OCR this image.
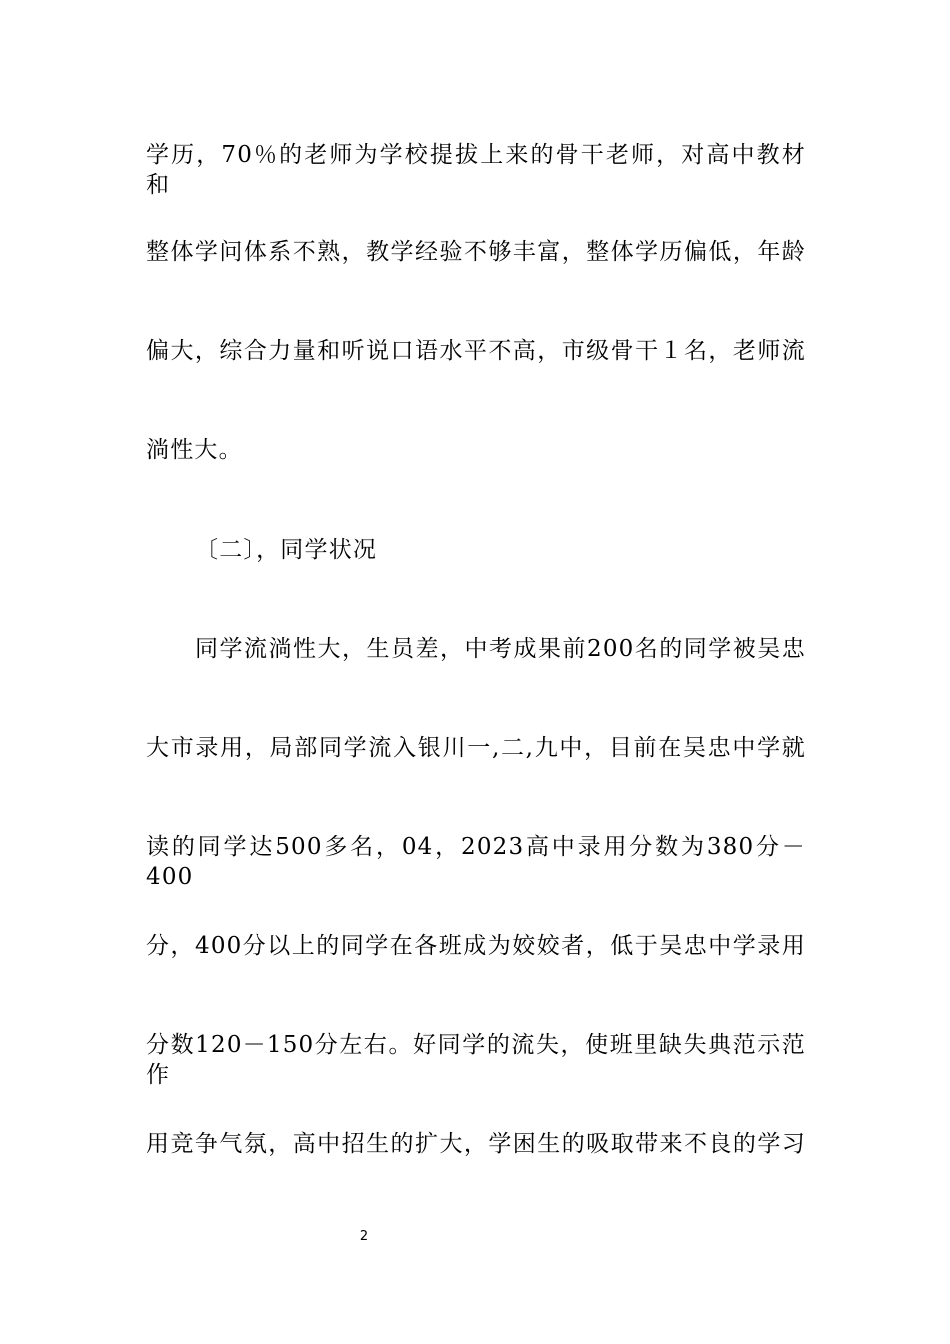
学历，70％的老师为学校提拔上来的骨干老师，对高中教材和
整体学问体系不熟，教学经验不够丰富，整体学历偏低，年龄
偏大，综合力量和听说口语水平不高，市级骨干１名，老师流
淌性大。
〔二〕，同学状况
同学流淌性大，生员差，中考成果前200名的同学被吴忠
大市录用，局部同学流入银川一,二,九中，目前在吴忠中学就
读的同学达500多名，04，2023高中录用分数为380分－400
分，400分以上的同学在各班成为姣姣者，低于吴忠中学录用
分数120－150分左右。好同学的流失，使班里缺失典范示范作
用竞争气氛，高中招生的扩大，学困生的吸取带来不良的学习
2
